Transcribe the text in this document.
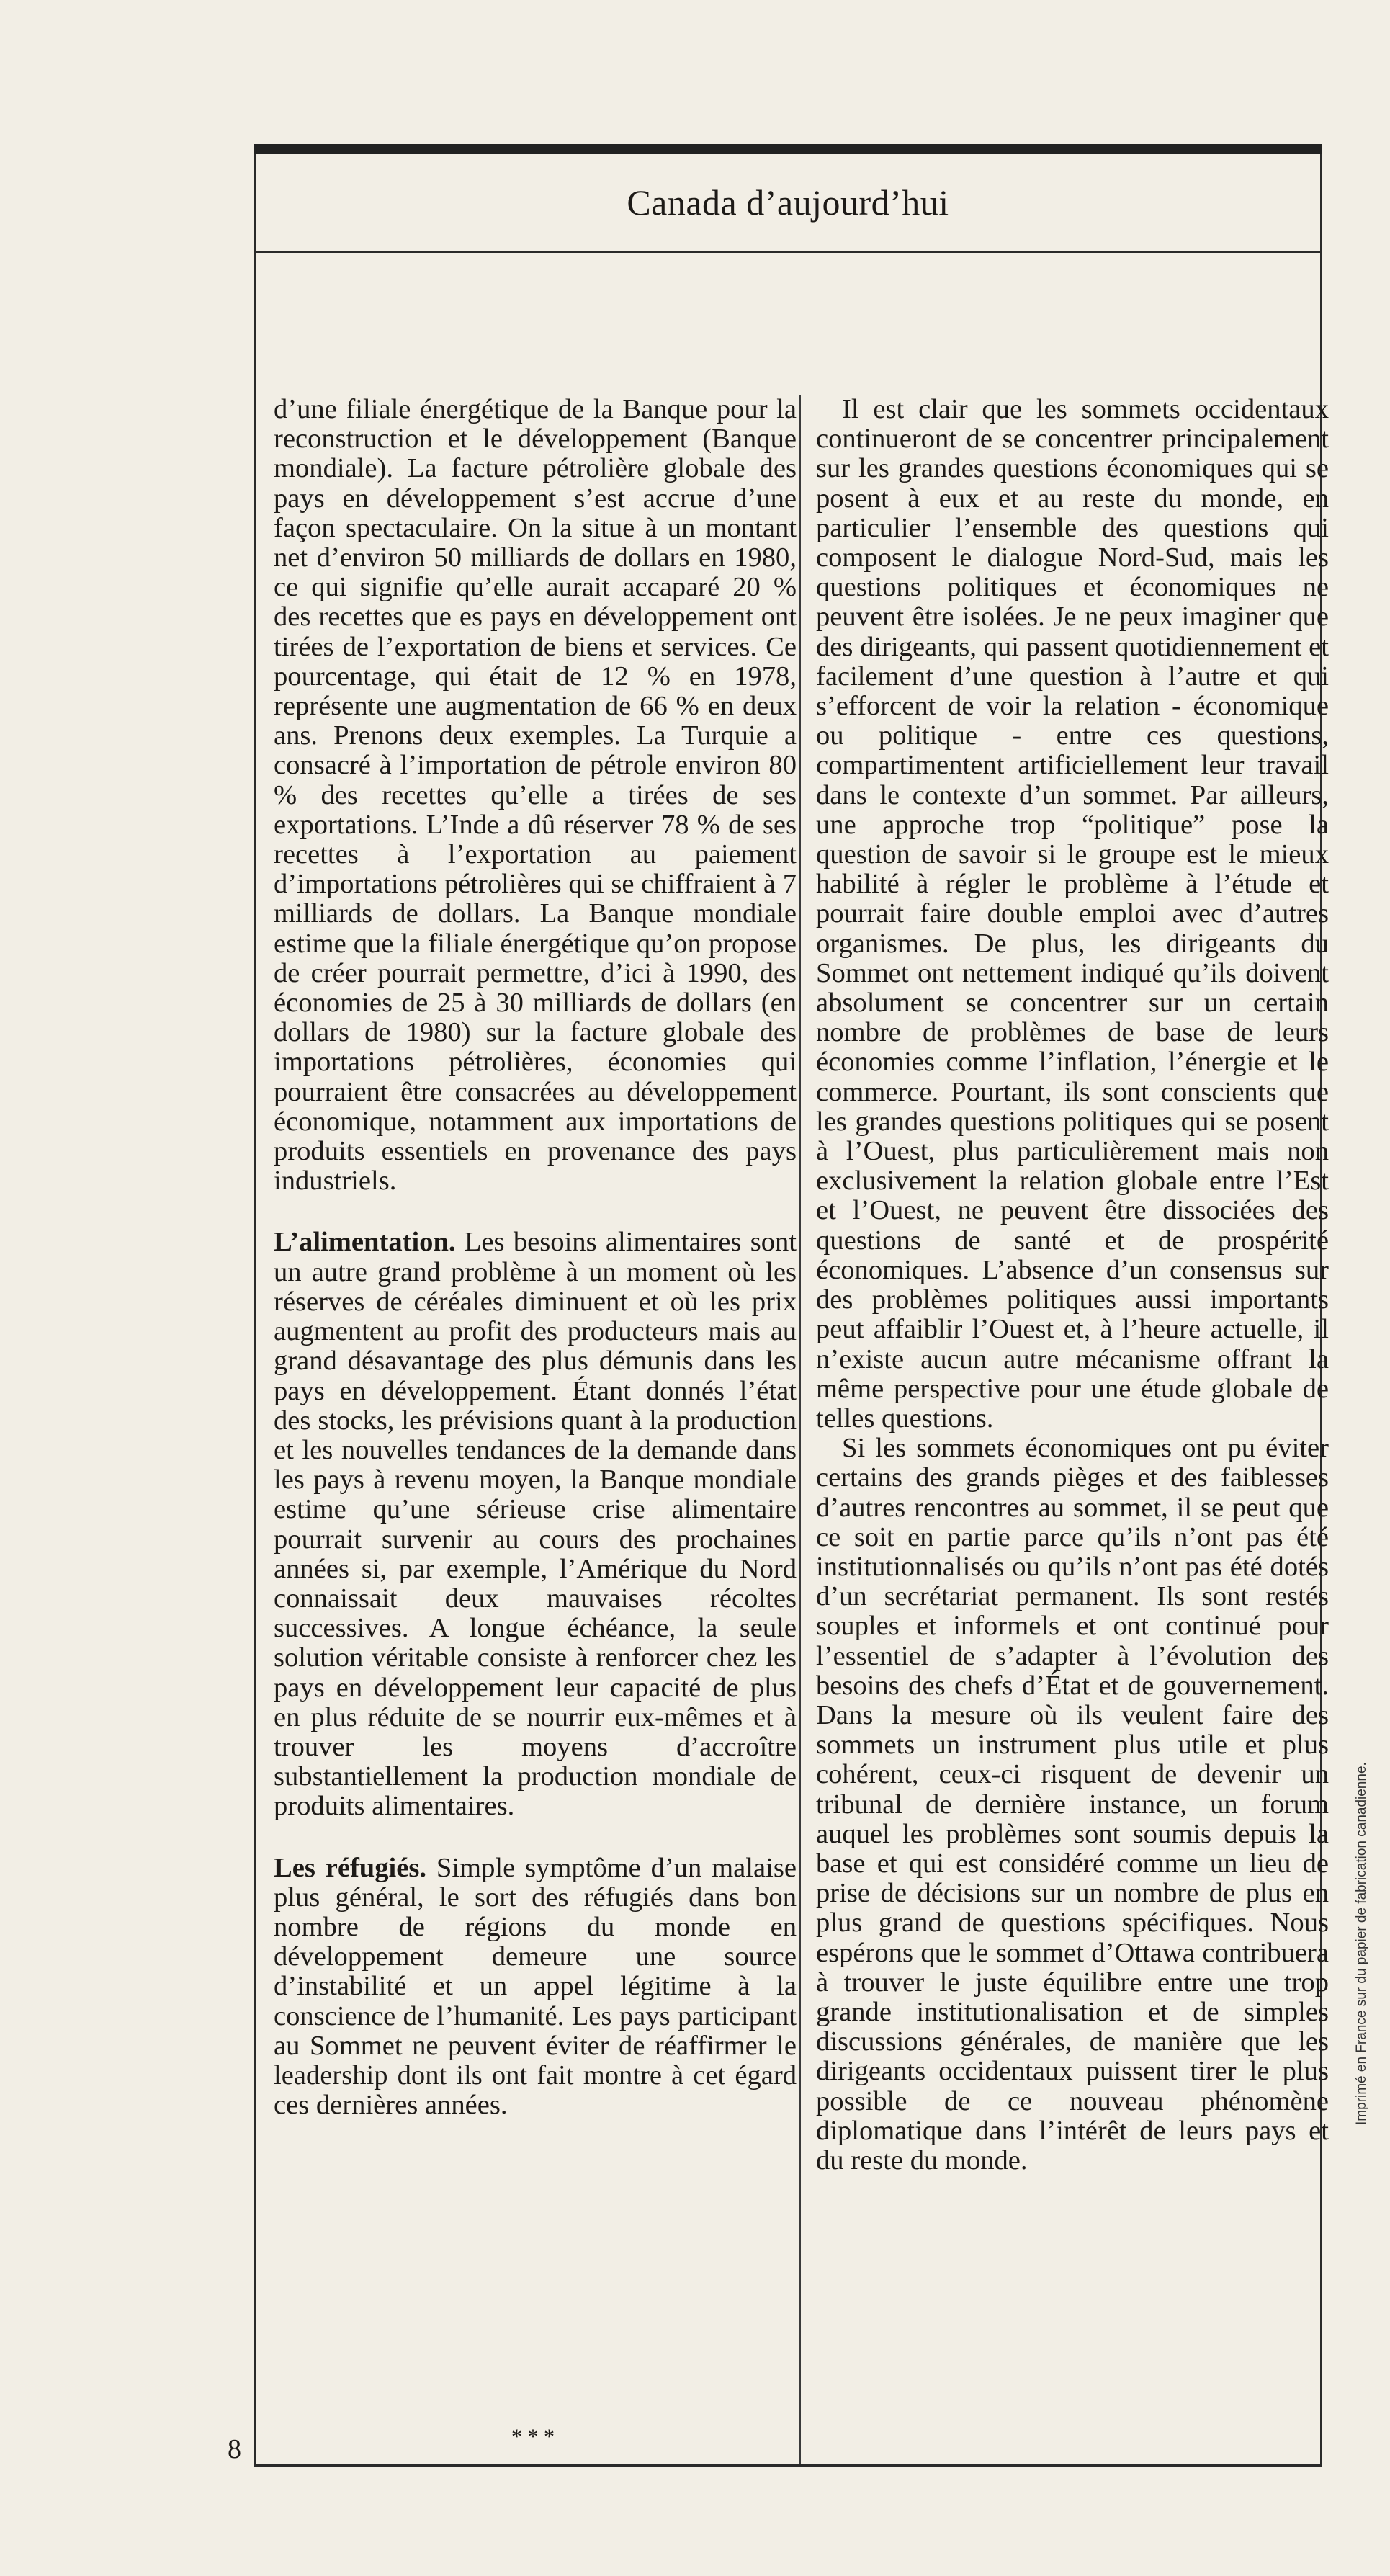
Canada d’aujourd’hui

d’une filiale énergétique de la Banque pour la reconstruction et le développement (Banque mondiale). La facture pétrolière globale des pays en développement s’est accrue d’une façon spectaculaire. On la situe à un montant net d’environ 50 milliards de dollars en 1980, ce qui signifie qu’elle aurait accaparé 20 % des recettes que es pays en développement ont tirées de l’exportation de biens et services. Ce pourcentage, qui était de 12 % en 1978, représente une augmentation de 66 % en deux ans. Prenons deux exemples. La Turquie a consacré à l’importation de pétrole environ 80 % des recettes qu’elle a tirées de ses exportations. L’Inde a dû réserver 78 % de ses recettes à l’exportation au paiement d’importations pétrolières qui se chiffraient à 7 milliards de dollars. La Banque mondiale estime que la filiale énergétique qu’on propose de créer pourrait permettre, d’ici à 1990, des économies de 25 à 30 milliards de dollars (en dollars de 1980) sur la facture globale des importations pétrolières, économies qui pourraient être consacrées au développement économique, notamment aux importations de produits essentiels en provenance des pays industriels.

L’alimentation. Les besoins alimentaires sont un autre grand problème à un moment où les réserves de céréales diminuent et où les prix augmentent au profit des producteurs mais au grand désavantage des plus démunis dans les pays en développement. Étant donnés l’état des stocks, les prévisions quant à la production et les nouvelles tendances de la demande dans les pays à revenu moyen, la Banque mondiale estime qu’une sérieuse crise alimentaire pourrait survenir au cours des prochaines années si, par exemple, l’Amérique du Nord connaissait deux mauvaises récoltes successives. A longue échéance, la seule solution véritable consiste à renforcer chez les pays en développement leur capacité de plus en plus réduite de se nourrir eux-mêmes et à trouver les moyens d’accroître substantiellement la production mondiale de produits alimentaires.

Les réfugiés. Simple symptôme d’un malaise plus général, le sort des réfugiés dans bon nombre de régions du monde en développement demeure une source d’instabilité et un appel légitime à la conscience de l’humanité. Les pays participant au Sommet ne peuvent éviter de réaffirmer le leadership dont ils ont fait montre à cet égard ces dernières années.

Il est clair que les sommets occidentaux continueront de se concentrer principalement sur les grandes questions économiques qui se posent à eux et au reste du monde, en particulier l’ensemble des questions qui composent le dialogue Nord-Sud, mais les questions politiques et économiques ne peuvent être isolées. Je ne peux imaginer que des dirigeants, qui passent quotidiennement et facilement d’une question à l’autre et qui s’efforcent de voir la relation - économique ou politique - entre ces questions, compartimentent artificiellement leur travail dans le contexte d’un sommet. Par ailleurs, une approche trop “politique” pose la question de savoir si le groupe est le mieux habilité à régler le problème à l’étude et pourrait faire double emploi avec d’autres organismes. De plus, les dirigeants du Sommet ont nettement indiqué qu’ils doivent absolument se concentrer sur un certain nombre de problèmes de base de leurs économies comme l’inflation, l’énergie et le commerce. Pourtant, ils sont conscients que les grandes questions politiques qui se posent à l’Ouest, plus particulièrement mais non exclusivement la relation globale entre l’Est et l’Ouest, ne peuvent être dissociées des questions de santé et de prospérité économiques. L’absence d’un consensus sur des problèmes politiques aussi importants peut affaiblir l’Ouest et, à l’heure actuelle, il n’existe aucun autre mécanisme offrant la même perspective pour une étude globale de telles questions.

Si les sommets économiques ont pu éviter certains des grands pièges et des faiblesses d’autres rencontres au sommet, il se peut que ce soit en partie parce qu’ils n’ont pas été institutionnalisés ou qu’ils n’ont pas été dotés d’un secrétariat permanent. Ils sont restés souples et informels et ont continué pour l’essentiel de s’adapter à l’évolution des besoins des chefs d’État et de gouvernement. Dans la mesure où ils veulent faire des sommets un instrument plus utile et plus cohérent, ceux-ci risquent de devenir un tribunal de dernière instance, un forum auquel les problèmes sont soumis depuis la base et qui est considéré comme un lieu de prise de décisions sur un nombre de plus en plus grand de questions spécifiques. Nous espérons que le sommet d’Ottawa contribuera à trouver le juste équilibre entre une trop grande institutionalisation et de simples discussions générales, de manière que les dirigeants occidentaux puissent tirer le plus possible de ce nouveau phénomène diplomatique dans l’intérêt de leurs pays et du reste du monde.

* * *
8
Imprimé en France sur du papier de fabrication canadienne.
